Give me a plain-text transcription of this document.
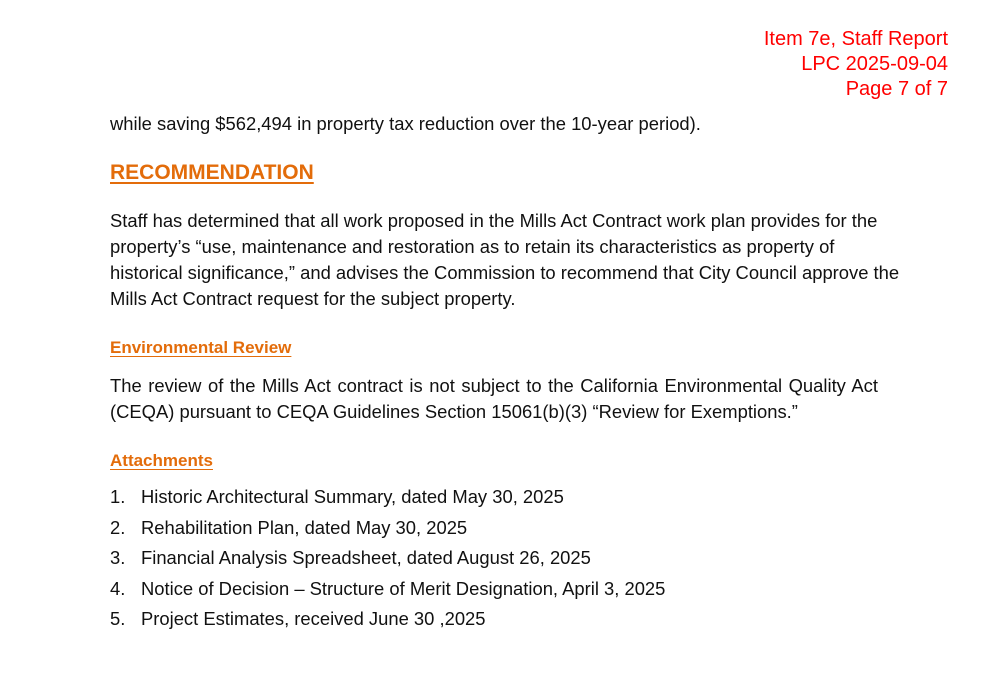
Item 7e, Staff Report
LPC 2025-09-04
Page 7 of 7

while saving $562,494 in property tax reduction over the 10-year period).

RECOMMENDATION

Staff has determined that all work proposed in the Mills Act Contract work plan provides for the property’s “use, maintenance and restoration as to retain its characteristics as property of historical significance,” and advises the Commission to recommend that City Council approve the Mills Act Contract request for the subject property.

Environmental Review

The review of the Mills Act contract is not subject to the California Environmental Quality Act (CEQA) pursuant to CEQA Guidelines Section 15061(b)(3) “Review for Exemptions.”

Attachments
1. Historic Architectural Summary, dated May 30, 2025
2. Rehabilitation Plan, dated May 30, 2025
3. Financial Analysis Spreadsheet, dated August 26, 2025
4. Notice of Decision – Structure of Merit Designation, April 3, 2025
5. Project Estimates, received June 30 ,2025
